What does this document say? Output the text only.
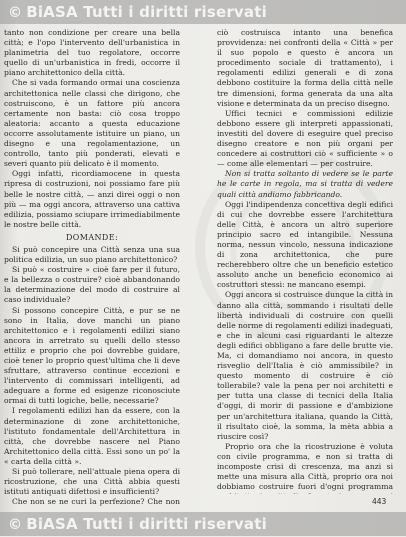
© BiASA Tutti i diritti riservati

tanto non condizione per creare una bella città; e l'opo l'intervento dell'urbanistica in planimetria del tuo regolatore, occorre quello di un'urbanistica in fredi, occorre il piano architettonico della città.

Che si vada formando ormai una coscienza architettonica nelle classi che dirigono, che costruiscono, è un fattore più ancora certamente non basta: ciò cosa troppo aleatoria: accanto a questa educazione occorre assolutamente istituire un piano, un disegno e una regolamentazione, un controllo, tanto più ponderati, elevati e severi quanto più delicato è il momento.

Oggi infatti, ricordiamocene in questa ripresa di costruzioni, noi possiamo fare più belle le nostre città, — anzi direi oggi o non più — ma oggi ancora, attraverso una cattiva edilizia, possiamo sciupare irrimediabilmente le nostre belle città.

DOMANDE:

Si può concepire una Città senza una sua politica edilizia, un suo piano architettonico?

Si può « costruire » cioè fare per il futuro, e la bellezza o costruire? cioè abbandonando la determinazione del modo di costruire al caso individuale?

Si possono concepire Città, e pur se ne sono in Italia, dove manchi un piano architettonico e i regolamenti edilizi siano ancora in arretrato su quelli dello stesso ettiliz e proprio che poi dovrebbe guidare, cioè tener lo proprio quest'ultima che li deve sfruttare, attraverso continue eccezioni e l'intervento di commissari intelligenti, ad adeguare a forme ed esigenze riconosciute ormai di tutti logiche, belle, necessarie?

I regolamenti edilizi han da essere, con la determinazione di zone architettoniche, l'istituto fondamentale dell'Architettura in città, che dovrebbe nascere nel Piano Architettonico della città. Essi sono un po' la « carta della città ».

Si può tollerare, nell'attuale piena opera di ricostruzione, che una Città abbia questi istituti antiquati difettosi e insufficienti?

Che non se ne curi la perfezione? Che non

ciò costruisca intanto una benefica provvidenza: nei confronti della « Città » per il suo popolo e questo è ancora un procedimento sociale di trattamento), i regolamenti edilizi generali e di zona debbono costituire la forma della città nelle tre dimensioni, forma generata da una alta visione e determinata da un preciso disegno.

Uffici tecnici e commissioni edilizie debbono essere gli interpreti appassionati, investiti del dovere di eseguire quel preciso disegno creatore e non più organi per concedere ai costruttori ciò « sufficiente » o — come alle elementari — per costruire.

Non si tratta soltanto di vedere se le parte he le carte in regola, ma si tratta di vedere quali città andiamo fabbricando.

Oggi l'indipendenza concettiva degli edifici di cui che dovrebbe essere l'architettura delle Città, è ancora un altro superiore principio sacro ed intangibile. Nessuna norma, nessun vincolo, nessuna indicazione di zona architettonica, che pure recherebbero oltre che un beneficio estetico assoluto anche un beneficio economico ai costruttori stessi: ne mancano esempi.

Oggi ancora si costruisce dunque la città in danno alla città, sommando i risultati delle libertà individuali di costruire con quelli delle norme di regolamenti edilizi inadeguati, e che in alcuni casi riguardanti le altezze degli edifici obbligano a fare delle brutte vie. Ma, ci domandiamo noi ancora, in questo risveglio dell'Italia è ciò ammissibile? in questo momento di costruire è ciò tollerabile? vale la pena per noi architetti e per tutta una classe di tecnici della Italia d'oggi, di morir di passione e d'ambizione per un'architettura italiana, quando la Città, il risultato cioè, la somma, la mèta abbia a riuscire così?

Proprio ora che la ricostruzione è voluta con civile programma, e non si tratta di incomposte crisi di crescenza, ma anzi si mette una misura alla Città, proprio ora noi dobbiamo costruire fuori d'ogni programma

443
© BiASA Tutti i diritti riservati
